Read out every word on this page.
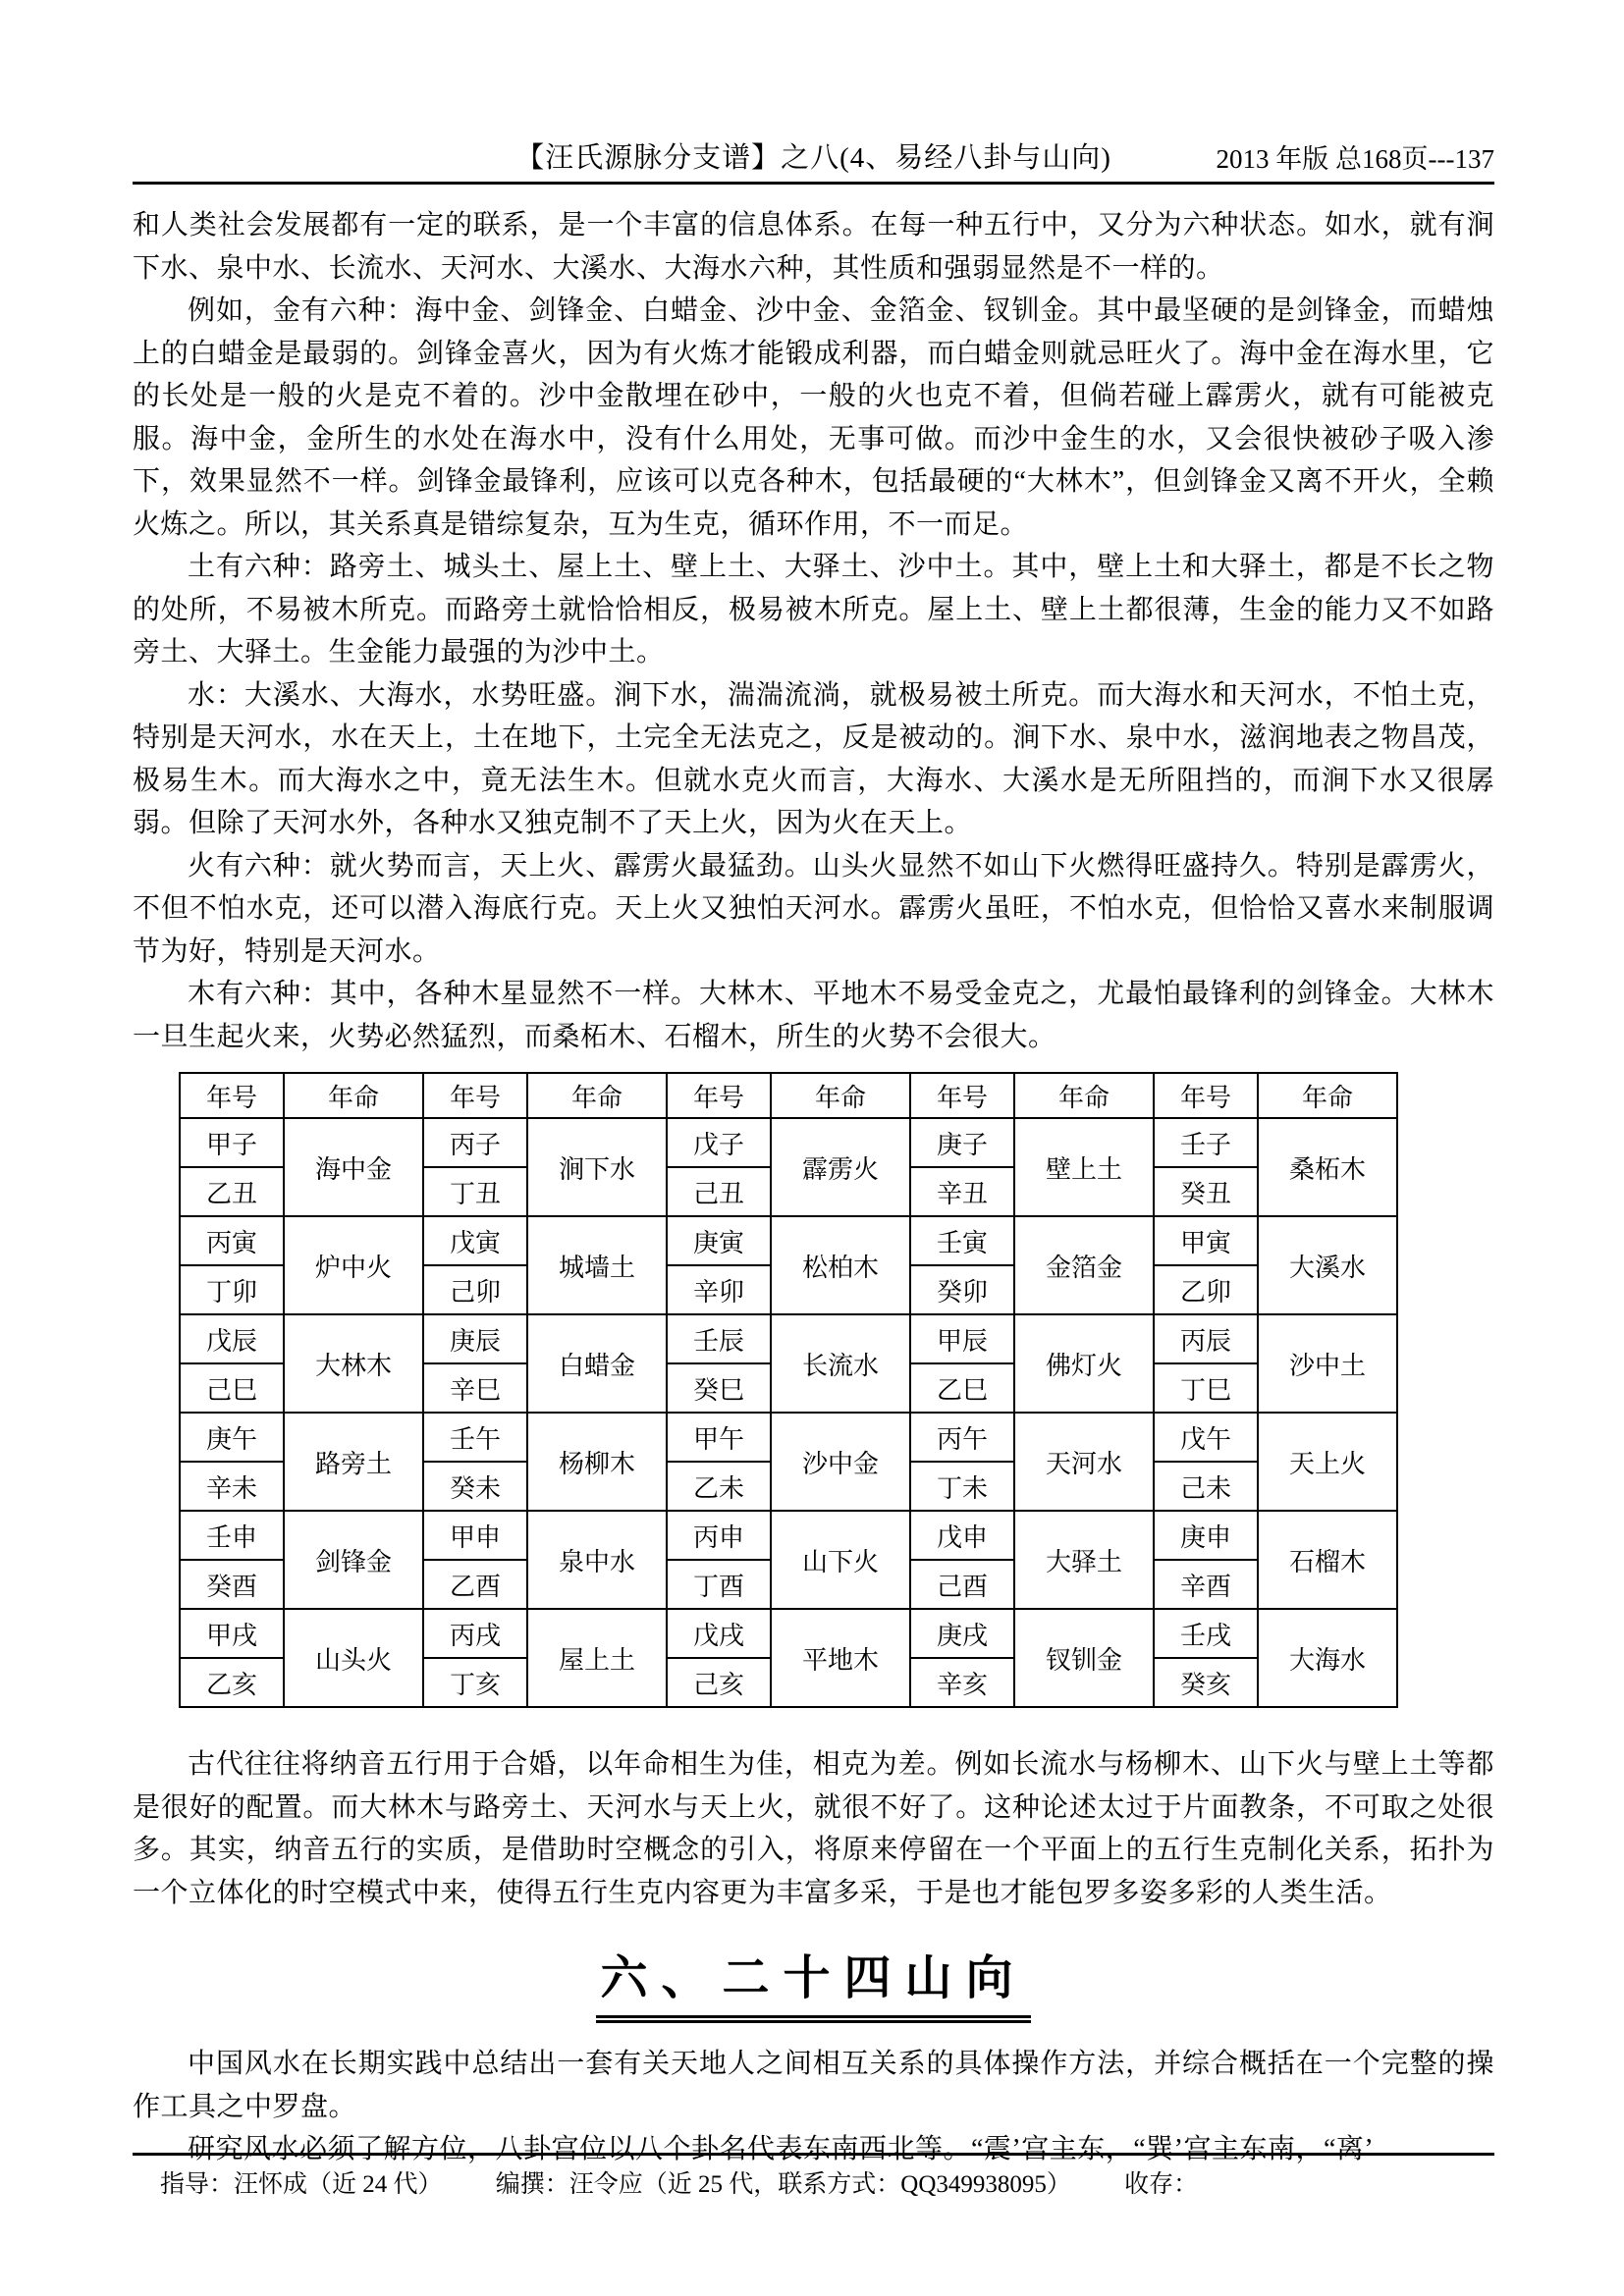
【汪氏源脉分支谱】之八(4、易经八卦与山向)	2013 年版 总168页---137

和人类社会发展都有一定的联系，是一个丰富的信息体系。在每一种五行中，又分为六种状态。如水，就有涧下水、泉中水、长流水、天河水、大溪水、大海水六种，其性质和强弱显然是不一样的。

例如，金有六种：海中金、剑锋金、白蜡金、沙中金、金箔金、钗钏金。其中最坚硬的是剑锋金，而蜡烛上的白蜡金是最弱的。剑锋金喜火，因为有火炼才能锻成利器，而白蜡金则就忌旺火了。海中金在海水里，它的长处是一般的火是克不着的。沙中金散埋在砂中，一般的火也克不着，但倘若碰上霹雳火，就有可能被克服。海中金，金所生的水处在海水中，没有什么用处，无事可做。而沙中金生的水，又会很快被砂子吸入渗下，效果显然不一样。剑锋金最锋利，应该可以克各种木，包括最硬的“大林木”，但剑锋金又离不开火，全赖火炼之。所以，其关系真是错综复杂，互为生克，循环作用，不一而足。

土有六种：路旁土、城头土、屋上土、壁上土、大驿土、沙中土。其中，壁上土和大驿土，都是不长之物的处所，不易被木所克。而路旁土就恰恰相反，极易被木所克。屋上土、壁上土都很薄，生金的能力又不如路旁土、大驿土。生金能力最强的为沙中土。

水：大溪水、大海水，水势旺盛。涧下水，湍湍流淌，就极易被土所克。而大海水和天河水，不怕土克，特别是天河水，水在天上，土在地下，土完全无法克之，反是被动的。涧下水、泉中水，滋润地表之物昌茂，极易生木。而大海水之中，竟无法生木。但就水克火而言，大海水、大溪水是无所阻挡的，而涧下水又很孱弱。但除了天河水外，各种水又独克制不了天上火，因为火在天上。

火有六种：就火势而言，天上火、霹雳火最猛劲。山头火显然不如山下火燃得旺盛持久。特别是霹雳火，不但不怕水克，还可以潜入海底行克。天上火又独怕天河水。霹雳火虽旺，不怕水克，但恰恰又喜水来制服调节为好，特别是天河水。

木有六种：其中，各种木星显然不一样。大林木、平地木不易受金克之，尤最怕最锋利的剑锋金。大林木一旦生起火来，火势必然猛烈，而桑柘木、石榴木，所生的火势不会很大。

年号	年命	年号	年命	年号	年命	年号	年命	年号	年命
甲子	海中金	丙子	涧下水	戊子	霹雳火	庚子	壁上土	壬子	桑柘木
乙丑		丁丑		己丑		辛丑		癸丑	
丙寅	炉中火	戊寅	城墙土	庚寅	松柏木	壬寅	金箔金	甲寅	大溪水
丁卯		己卯		辛卯		癸卯		乙卯	
戊辰	大林木	庚辰	白蜡金	壬辰	长流水	甲辰	佛灯火	丙辰	沙中土
己巳		辛巳		癸巳		乙巳		丁巳	
庚午	路旁土	壬午	杨柳木	甲午	沙中金	丙午	天河水	戊午	天上火
辛未		癸未		乙未		丁未		己未	
壬申	剑锋金	甲申	泉中水	丙申	山下火	戊申	大驿土	庚申	石榴木
癸酉		乙酉		丁酉		己酉		辛酉	
甲戌	山头火	丙戌	屋上土	戊戌	平地木	庚戌	钗钏金	壬戌	大海水
乙亥		丁亥		己亥		辛亥		癸亥	

古代往往将纳音五行用于合婚，以年命相生为佳，相克为差。例如长流水与杨柳木、山下火与壁上土等都是很好的配置。而大林木与路旁土、天河水与天上火，就很不好了。这种论述太过于片面教条，不可取之处很多。其实，纳音五行的实质，是借助时空概念的引入，将原来停留在一个平面上的五行生克制化关系，拓扑为一个立体化的时空模式中来，使得五行生克内容更为丰富多采，于是也才能包罗多姿多彩的人类生活。

六、二十四山向

中国风水在长期实践中总结出一套有关天地人之间相互关系的具体操作方法，并综合概括在一个完整的操作工具之中罗盘。

研究风水必须了解方位，八卦宫位以八个卦名代表东南西北等。“震’宫主东，“巽’宫主东南，“离’

指导：汪怀成（近 24 代） 编撰：汪令应（近 25 代，联系方式：QQ349938095） 收存：
